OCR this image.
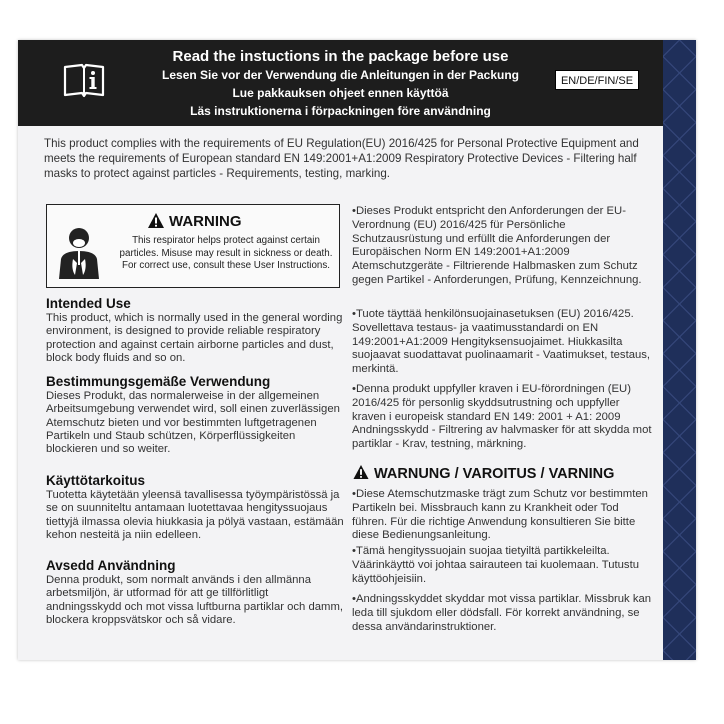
Read the instuctions in the package before use
Lesen Sie vor der Verwendung die Anleitungen in der Packung
Lue pakkauksen ohjeet ennen käyttöä
Läs instruktionerna i förpackningen före användning
EN/DE/FIN/SE
This product complies with the requirements of EU Regulation(EU) 2016/425 for Personal Protective Equipment and meets the requirements of European standard EN 149:2001+A1:2009 Respiratory Protective Devices - Filtering half masks to protect against particles - Requirements, testing, marking.
WARNING
This respirator helps protect against certain particles. Misuse may result in sickness or death. For correct use, consult these User Instructions.
Intended Use
This product, which is normally used in the general wording environment, is designed to provide reliable respiratory protection and against certain airborne particles and dust, block body fluids and so on.
Bestimmungsgemäße Verwendung
Dieses Produkt, das normalerweise in der allgemeinen Arbeitsumgebung verwendet wird, soll einen zuverlässigen Atemschutz bieten und vor bestimmten luftgetragenen Partikeln und Staub schützen, Körperflüssigkeiten blockieren und so weiter.
Käyttötarkoitus
Tuotetta käytetään yleensä tavallisessa työympäristössä ja se on suunniteltu antamaan luotettavaa hengityssuojaus tiettyjä ilmassa olevia hiukkasia ja pölyä vastaan, estämään kehon nesteitä ja niin edelleen.
Avsedd Användning
Denna produkt, som normalt används i den allmänna arbetsmiljön, är utformad för att ge tillförlitligt andningsskydd och mot vissa luftburna partiklar och damm, blockera kroppsvätskor och så vidare.
•Dieses Produkt entspricht den Anforderungen der EU-Verordnung (EU) 2016/425 für Persönliche Schutzausrüstung und erfüllt die Anforderungen der Europäischen Norm EN 149:2001+A1:2009 Atemschutzgeräte - Filtrierende Halbmasken zum Schutz gegen Partikel - Anforderungen, Prüfung, Kennzeichnung.
•Tuote täyttää henkilönsuojainasetuksen (EU) 2016/425. Sovellettava testaus- ja vaatimusstandardi on EN 149:2001+A1:2009 Hengityksensuojaimet. Hiukkasilta suojaavat suodattavat puolinaamarit - Vaatimukset, testaus, merkintä.
•Denna produkt uppfyller kraven i EU-förordningen (EU) 2016/425 för personlig skyddsutrustning och uppfyller kraven i europeisk standard EN 149: 2001 + A1: 2009 Andningsskydd - Filtrering av halvmasker för att skydda mot partiklar - Krav, testning, märkning.
WARNUNG / VAROITUS / VARNING
•Diese Atemschutzmaske trägt zum Schutz vor bestimmten Partikeln bei. Missbrauch kann zu Krankheit oder Tod führen. Für die richtige Anwendung konsultieren Sie bitte diese Bedienungsanleitung.
•Tämä hengityssuojain suojaa tietyiltä partikkeleilta. Väärinkäyttö voi johtaa sairauteen tai kuolemaan. Tutustu käyttöohjeisiin.
•Andningsskyddet skyddar mot vissa partiklar. Missbruk kan leda till sjukdom eller dödsfall. För korrekt användning, se dessa användarinstruktioner.
